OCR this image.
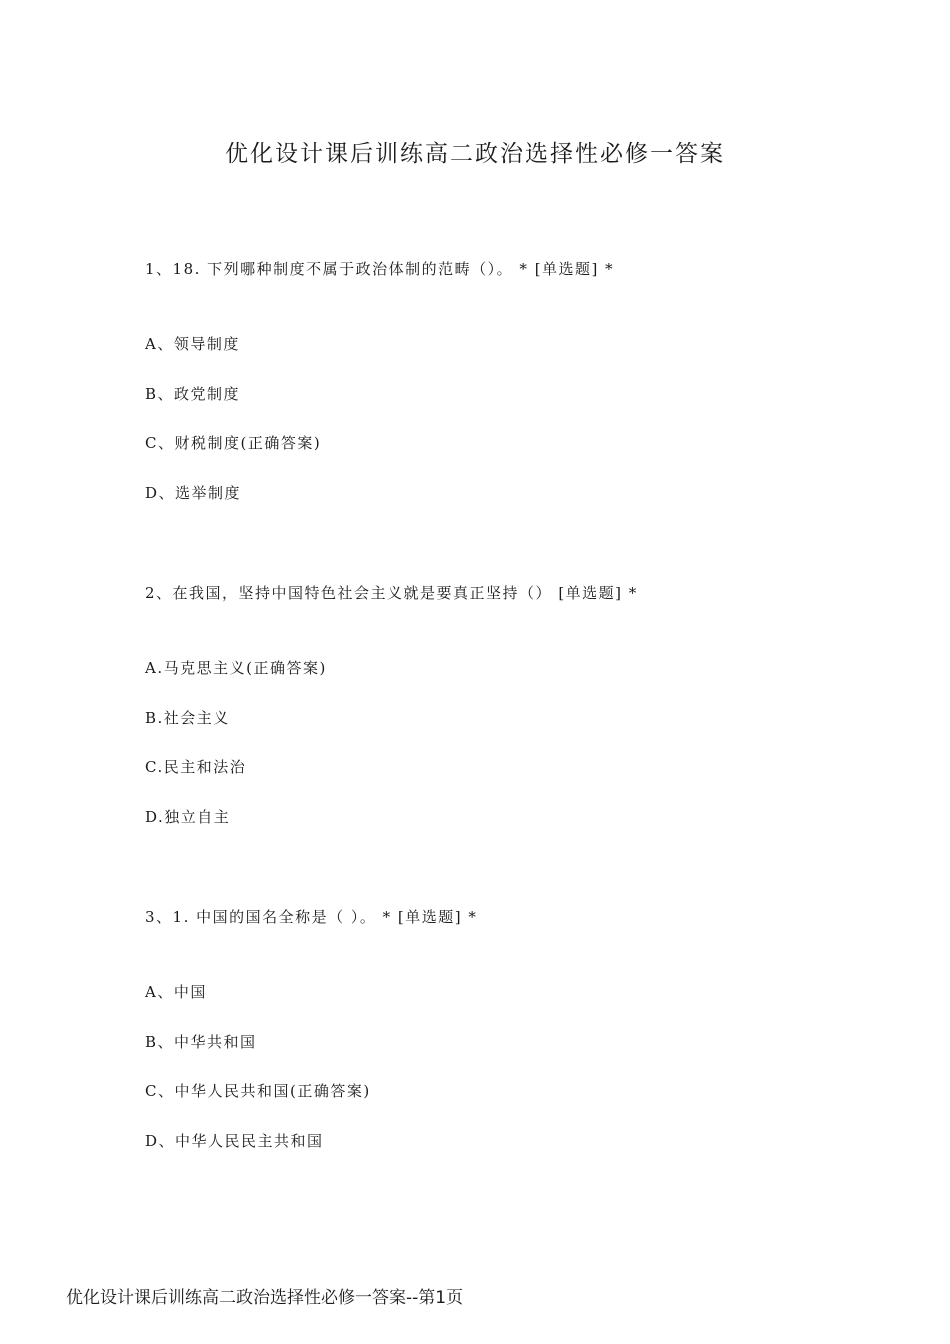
优化设计课后训练高二政治选择性必修一答案
1、18. 下列哪种制度不属于政治体制的范畴（）。 * [单选题] *
A、领导制度
B、政党制度
C、财税制度(正确答案)
D、选举制度
2、在我国，坚持中国特色社会主义就是要真正坚持（） [单选题] *
A.马克思主义(正确答案)
B.社会主义
C.民主和法治
D.独立自主
3、1. 中国的国名全称是（ ）。 * [单选题] *
A、中国
B、中华共和国
C、中华人民共和国(正确答案)
D、中华人民民主共和国
优化设计课后训练高二政治选择性必修一答案--第1页
